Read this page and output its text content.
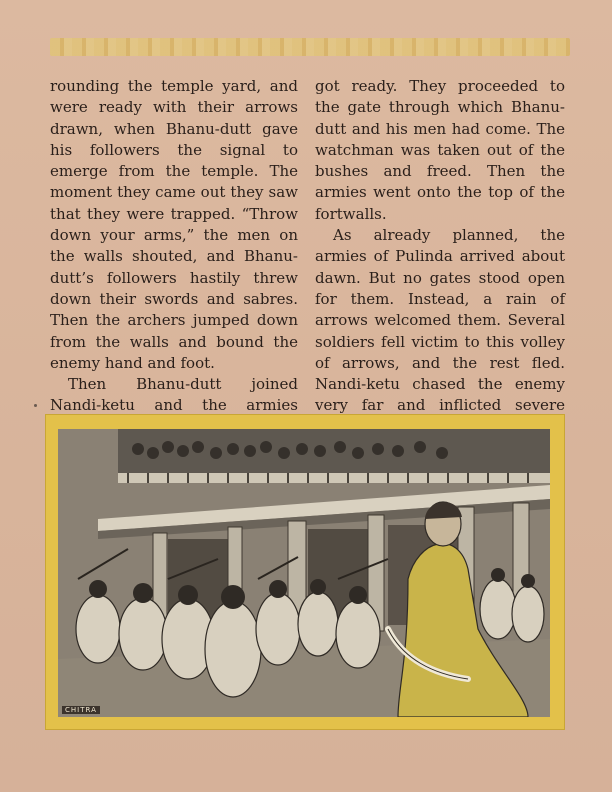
rounding the temple yard, and were ready with their arrows drawn, when Bhanu-dutt gave his followers the signal to emerge from the temple. The moment they came out they saw that they were trapped. “Throw down your arms,” the men on the walls shouted, and Bhanu-dutt’s followers hastily threw down their swords and sabres. Then the archers jumped down from the walls and bound the enemy hand and foot.

Then Bhanu-dutt joined Nandi-ketu and the armies

got ready. They proceeded to the gate through which Bhanu-dutt and his men had come. The watchman was taken out of the bushes and freed. Then the armies went onto the top of the fortwalls.

As already planned, the armies of Pulinda arrived about dawn. But no gates stood open for them. Instead, a rain of arrows welcomed them. Several soldiers fell victim to this volley of arrows, and the rest fled. Nandi-ketu chased the enemy very far and inflicted severe

CHITRA
